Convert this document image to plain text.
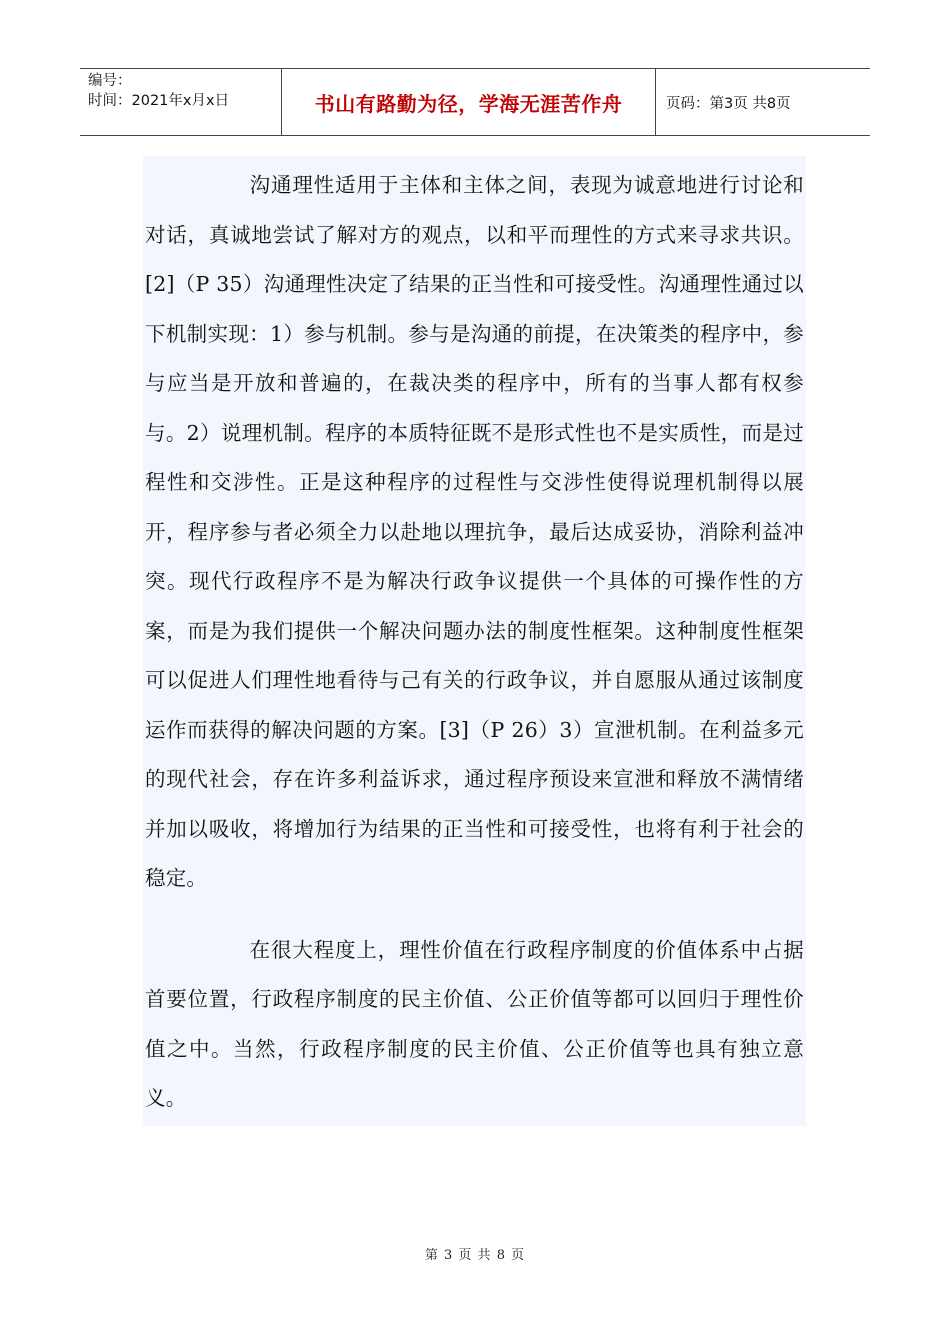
编号：
时间：2021年x月x日	书山有路勤为径，学海无涯苦作舟	页码：第3页 共8页

沟通理性适用于主体和主体之间，表现为诚意地进行讨论和对话，真诚地尝试了解对方的观点，以和平而理性的方式来寻求共识。[2]（P 35）沟通理性决定了结果的正当性和可接受性。沟通理性通过以下机制实现：1）参与机制。参与是沟通的前提，在决策类的程序中，参与应当是开放和普遍的，在裁决类的程序中，所有的当事人都有权参与。2）说理机制。程序的本质特征既不是形式性也不是实质性，而是过程性和交涉性。正是这种程序的过程性与交涉性使得说理机制得以展开，程序参与者必须全力以赴地以理抗争，最后达成妥协，消除利益冲突。现代行政程序不是为解决行政争议提供一个具体的可操作性的方案，而是为我们提供一个解决问题办法的制度性框架。这种制度性框架可以促进人们理性地看待与己有关的行政争议，并自愿服从通过该制度运作而获得的解决问题的方案。[3]（P 26）3）宣泄机制。在利益多元的现代社会，存在许多利益诉求，通过程序预设来宣泄和释放不满情绪并加以吸收，将增加行为结果的正当性和可接受性，也将有利于社会的稳定。

在很大程度上，理性价值在行政程序制度的价值体系中占据首要位置，行政程序制度的民主价值、公正价值等都可以回归于理性价值之中。当然，行政程序制度的民主价值、公正价值等也具有独立意义。

第 3 页 共 8 页
